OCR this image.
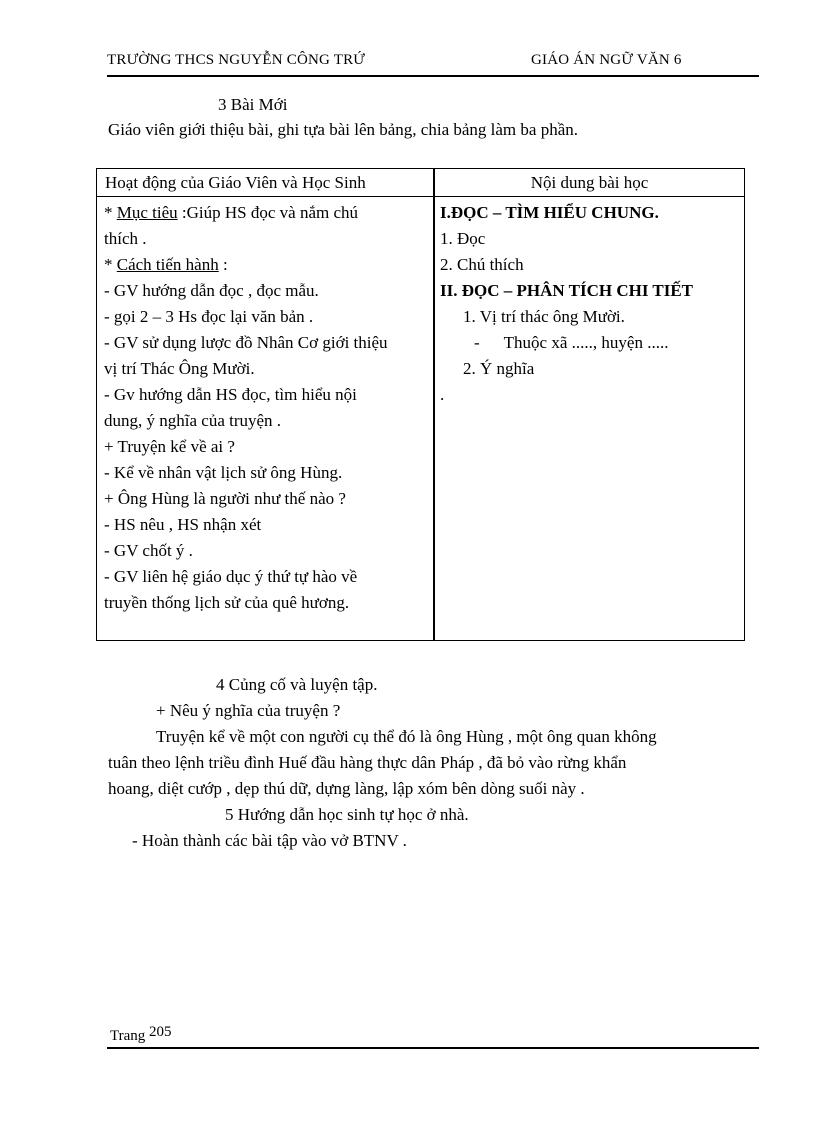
TRƯỜNG THCS NGUYỄN CÔNG TRỨ	GIÁO ÁN NGỮ VĂN 6
3 Bài Mới
Giáo viên giới thiệu bài, ghi tựa bài lên bảng, chia bảng làm ba phần.
Hoạt động của Giáo Viên và Học Sinh	Nội dung bài học
* Mục tiêu :Giúp HS đọc và nắm chú
thích .
* Cách tiến hành :
- GV hướng dẫn đọc , đọc mẫu.
- gọi 2 – 3 Hs đọc lại văn bản .
- GV sử dụng lược đồ Nhân Cơ giới thiệu
vị trí Thác Ông Mười.
- Gv hướng dẫn HS đọc, tìm hiểu nội
dung, ý nghĩa của truyện .
+ Truyện kể về ai ?
- Kể về nhân vật lịch sử ông Hùng.
+ Ông Hùng là người như thế nào ?
- HS nêu , HS nhận xét
- GV chốt ý .
- GV liên hệ giáo dục ý thứ tự hào về
truyền thống lịch sử của quê hương.
I.ĐỌC – TÌM HIỂU CHUNG.
1. Đọc
2. Chú thích
II. ĐỌC – PHÂN TÍCH CHI TIẾT
1. Vị trí thác ông Mười.
- Thuộc xã ....., huyện .....
2. Ý nghĩa
.
4 Củng cố và luyện tập.
+ Nêu ý nghĩa của truyện ?
Truyện kể về một con người cụ thể đó là ông Hùng , một ông quan không
tuân theo lệnh triều đình Huế đầu hàng thực dân Pháp , đã bỏ vào rừng khẩn
hoang, diệt cướp , dẹp thú dữ, dựng làng, lập xóm bên dòng suối này .
5 Hướng dẫn học sinh tự học ở nhà.
- Hoàn thành các bài tập vào vở BTNV .
Trang 205
